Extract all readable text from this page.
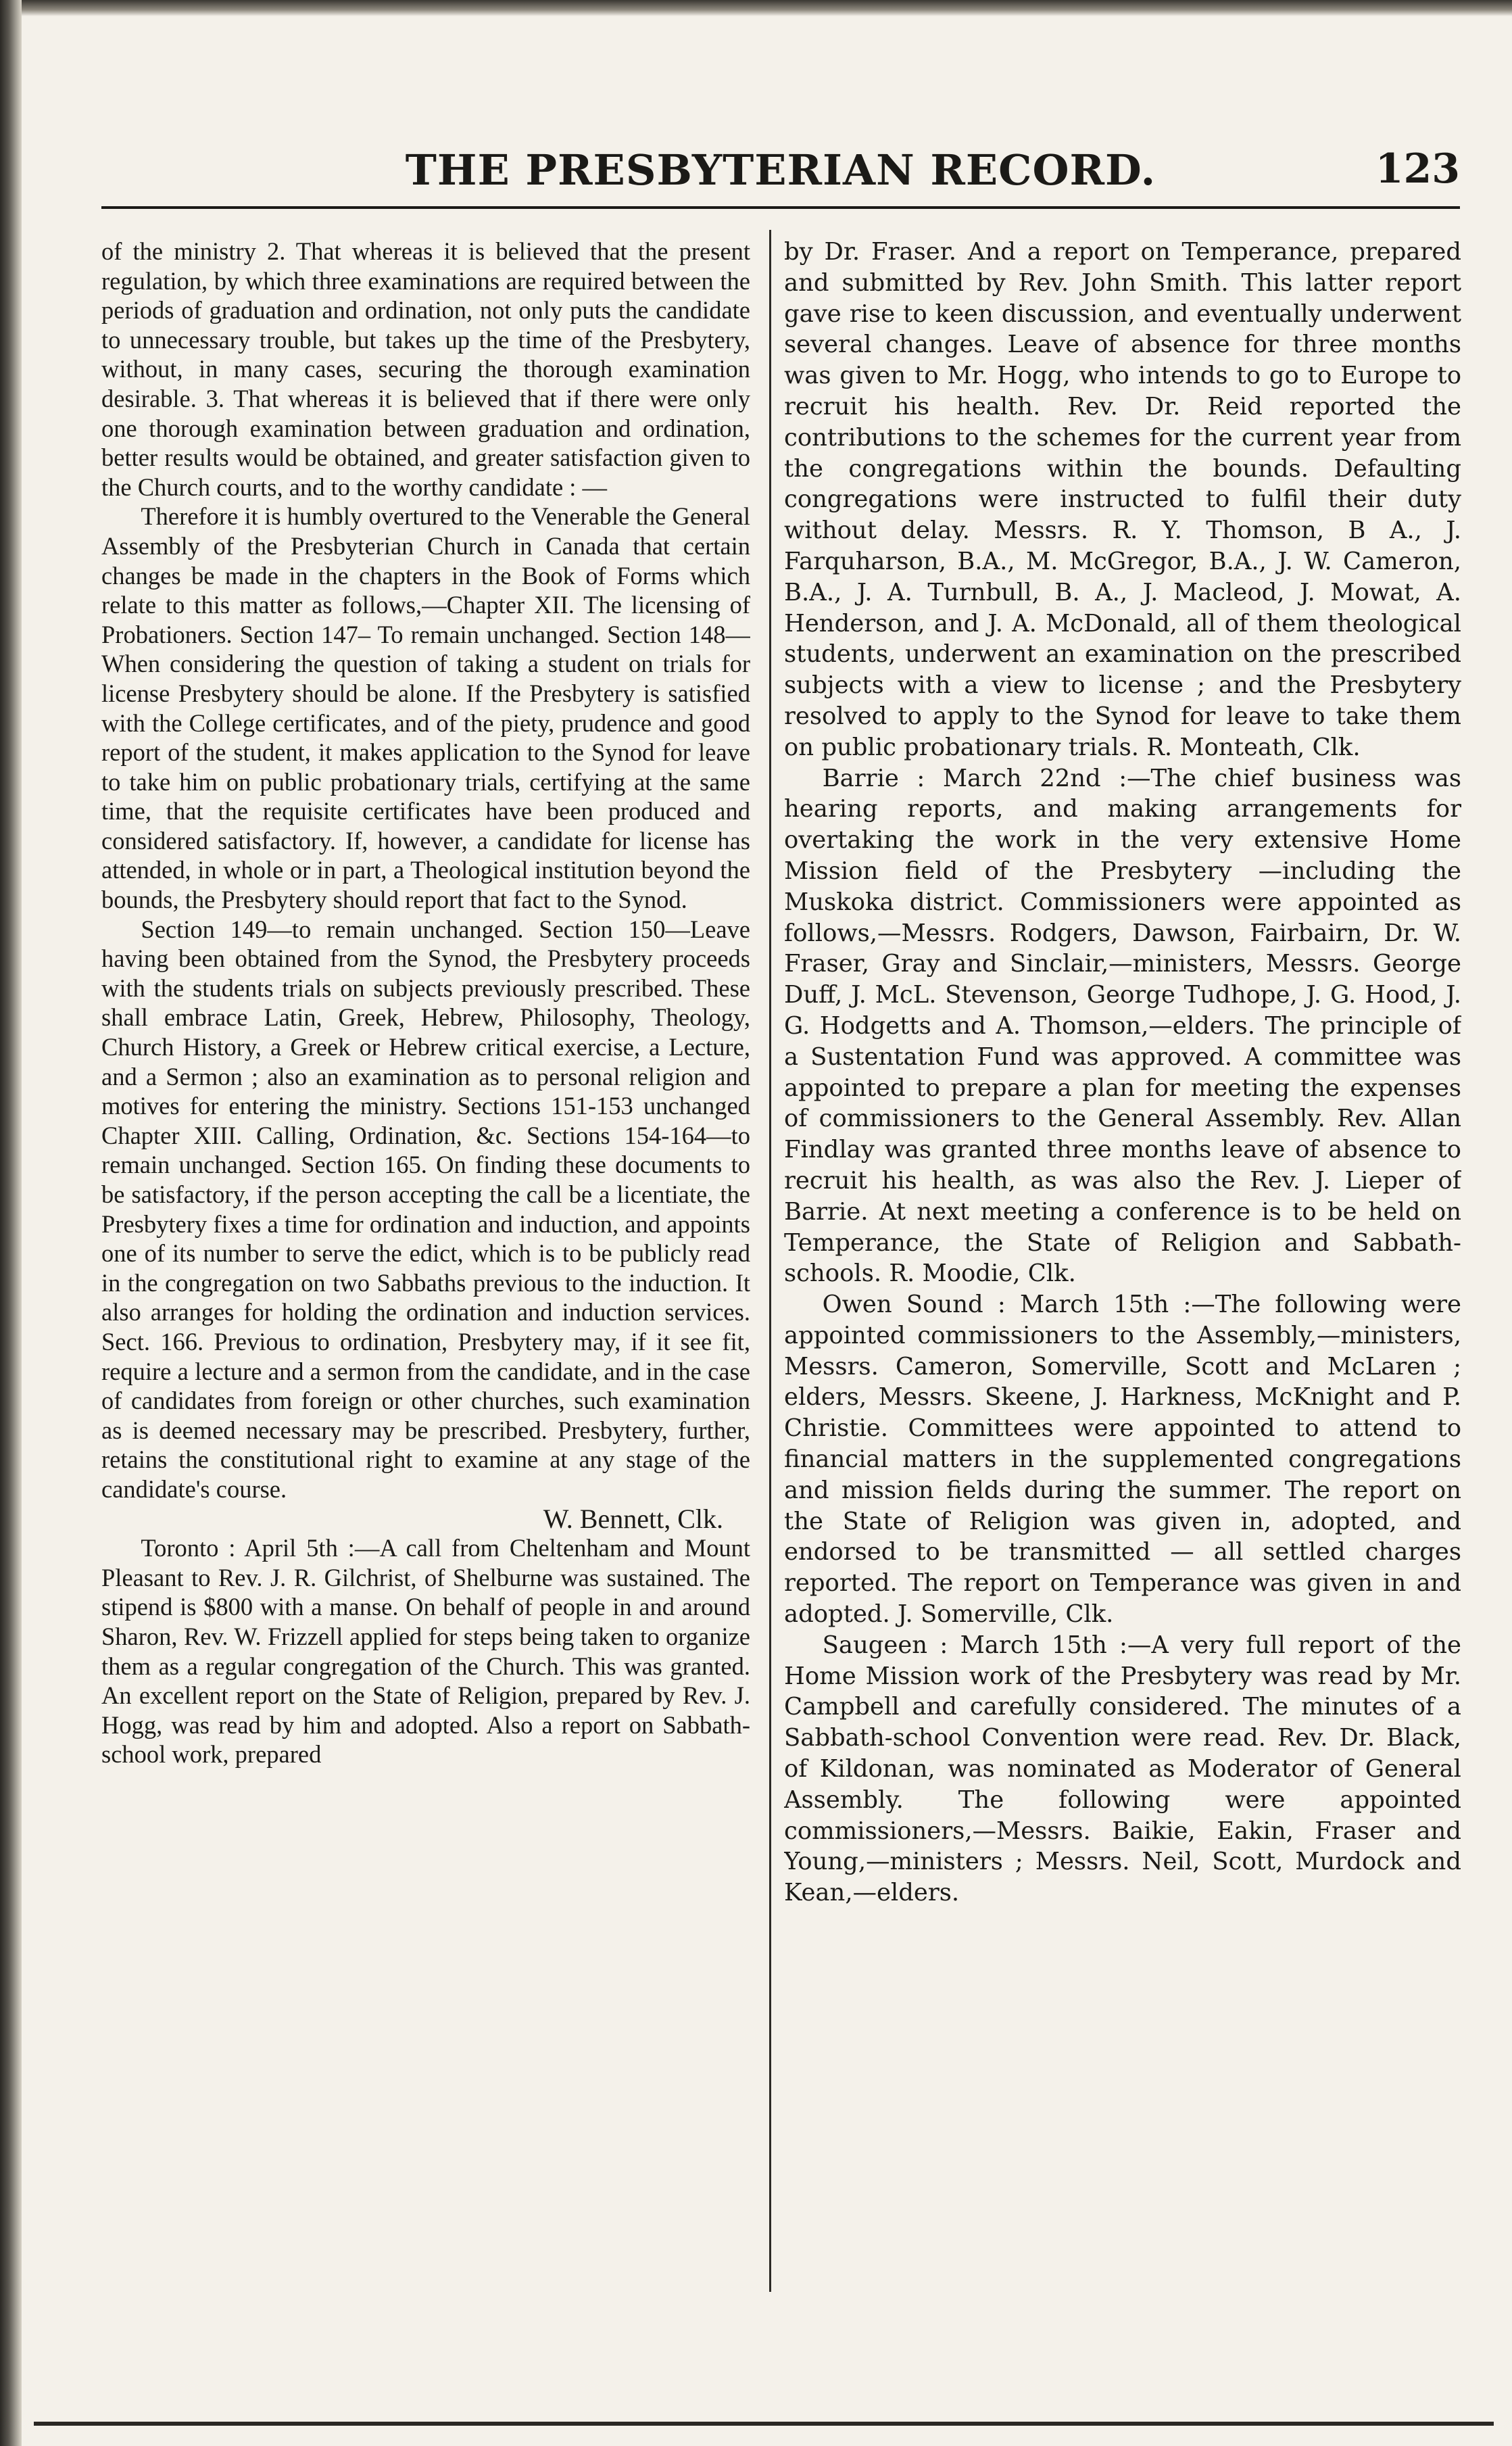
THE PRESBYTERIAN RECORD.	123

of the ministry 2. That whereas it is believed that the present regulation, by which three examinations are required between the periods of graduation and ordination, not only puts the candidate to unnecessary trouble, but takes up the time of the Presbytery, without, in many cases, securing the thorough examination desirable. 3. That whereas it is believed that if there were only one thorough examination between graduation and ordination, better results would be obtained, and greater satisfaction given to the Church courts, and to the worthy candidate : —

Therefore it is humbly overtured to the Venerable the General Assembly of the Presbyterian Church in Canada that certain changes be made in the chapters in the Book of Forms which relate to this matter as follows,—Chapter XII. The licensing of Probationers. Section 147– To remain unchanged. Section 148—When considering the question of taking a student on trials for license Presbytery should be alone. If the Presbytery is satisfied with the College certificates, and of the piety, prudence and good report of the student, it makes application to the Synod for leave to take him on public probationary trials, certifying at the same time, that the requisite certificates have been produced and considered satisfactory. If, however, a candidate for license has attended, in whole or in part, a Theological institution beyond the bounds, the Presbytery should report that fact to the Synod.

Section 149—to remain unchanged. Section 150—Leave having been obtained from the Synod, the Presbytery proceeds with the students trials on subjects previously prescribed. These shall embrace Latin, Greek, Hebrew, Philosophy, Theology, Church History, a Greek or Hebrew critical exercise, a Lecture, and a Sermon ; also an examination as to personal religion and motives for entering the ministry. Sections 151-153 unchanged Chapter XIII. Calling, Ordination, &c. Sections 154-164—to remain unchanged. Section 165. On finding these documents to be satisfactory, if the person accepting the call be a licentiate, the Presbytery fixes a time for ordination and induction, and appoints one of its number to serve the edict, which is to be publicly read in the congregation on two Sabbaths previous to the induction. It also arranges for holding the ordination and induction services. Sect. 166. Previous to ordination, Presbytery may, if it see fit, require a lecture and a sermon from the candidate, and in the case of candidates from foreign or other churches, such examination as is deemed necessary may be prescribed. Presbytery, further, retains the constitutional right to examine at any stage of the candidate's course.

W. Bennett, Clk.

Toronto : April 5th :—A call from Cheltenham and Mount Pleasant to Rev. J. R. Gilchrist, of Shelburne was sustained. The stipend is $800 with a manse. On behalf of people in and around Sharon, Rev. W. Frizzell applied for steps being taken to organize them as a regular congregation of the Church. This was granted. An excellent report on the State of Religion, prepared by Rev. J. Hogg, was read by him and adopted. Also a report on Sabbath-school work, prepared

by Dr. Fraser. And a report on Temperance, prepared and submitted by Rev. John Smith. This latter report gave rise to keen discussion, and eventually underwent several changes. Leave of absence for three months was given to Mr. Hogg, who intends to go to Europe to recruit his health. Rev. Dr. Reid reported the contributions to the schemes for the current year from the congregations within the bounds. Defaulting congregations were instructed to fulfil their duty without delay. Messrs. R. Y. Thomson, B A., J. Farquharson, B.A., M. McGregor, B.A., J. W. Cameron, B.A., J. A. Turnbull, B. A., J. Macleod, J. Mowat, A. Henderson, and J. A. McDonald, all of them theological students, underwent an examination on the prescribed subjects with a view to license ; and the Presbytery resolved to apply to the Synod for leave to take them on public probationary trials. R. Monteath, Clk.

Barrie : March 22nd :—The chief business was hearing reports, and making arrangements for overtaking the work in the very extensive Home Mission field of the Presbytery —including the Muskoka district. Commissioners were appointed as follows,—Messrs. Rodgers, Dawson, Fairbairn, Dr. W. Fraser, Gray and Sinclair,—ministers, Messrs. George Duff, J. McL. Stevenson, George Tudhope, J. G. Hood, J. G. Hodgetts and A. Thomson,—elders. The principle of a Sustentation Fund was approved. A committee was appointed to prepare a plan for meeting the expenses of commissioners to the General Assembly. Rev. Allan Findlay was granted three months leave of absence to recruit his health, as was also the Rev. J. Lieper of Barrie. At next meeting a conference is to be held on Temperance, the State of Religion and Sabbath-schools. R. Moodie, Clk.

Owen Sound : March 15th :—The following were appointed commissioners to the Assembly,—ministers, Messrs. Cameron, Somerville, Scott and McLaren ; elders, Messrs. Skeene, J. Harkness, McKnight and P. Christie. Committees were appointed to attend to financial matters in the supplemented congregations and mission fields during the summer. The report on the State of Religion was given in, adopted, and endorsed to be transmitted — all settled charges reported. The report on Temperance was given in and adopted. J. Somerville, Clk.

Saugeen : March 15th :—A very full report of the Home Mission work of the Presbytery was read by Mr. Campbell and carefully considered. The minutes of a Sabbath-school Convention were read. Rev. Dr. Black, of Kildonan, was nominated as Moderator of General Assembly. The following were appointed commissioners,—Messrs. Baikie, Eakin, Fraser and Young,—ministers ; Messrs. Neil, Scott, Murdock and Kean,—elders.
